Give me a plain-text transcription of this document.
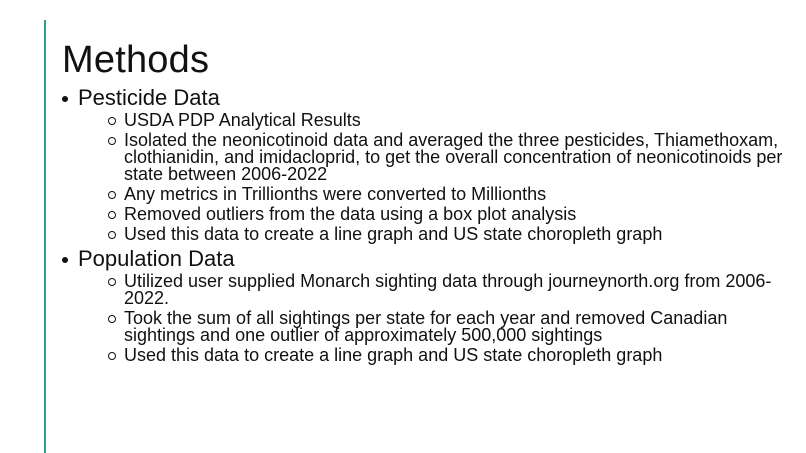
Methods
Pesticide Data
USDA PDP Analytical Results
Isolated the neonicotinoid data and averaged the three pesticides, Thiamethoxam, clothianidin, and imidacloprid, to get the overall concentration of neonicotinoids per state between 2006-2022
Any metrics in Trillionths were converted to Millionths
Removed outliers from the data using a box plot analysis
Used this data to create a line graph and US state choropleth graph
Population Data
Utilized user supplied Monarch sighting data through journeynorth.org from 2006-2022.
Took the sum of all sightings per state for each year and removed Canadian sightings and one outlier of approximately 500,000 sightings
Used this data to create a line graph and US state choropleth graph
